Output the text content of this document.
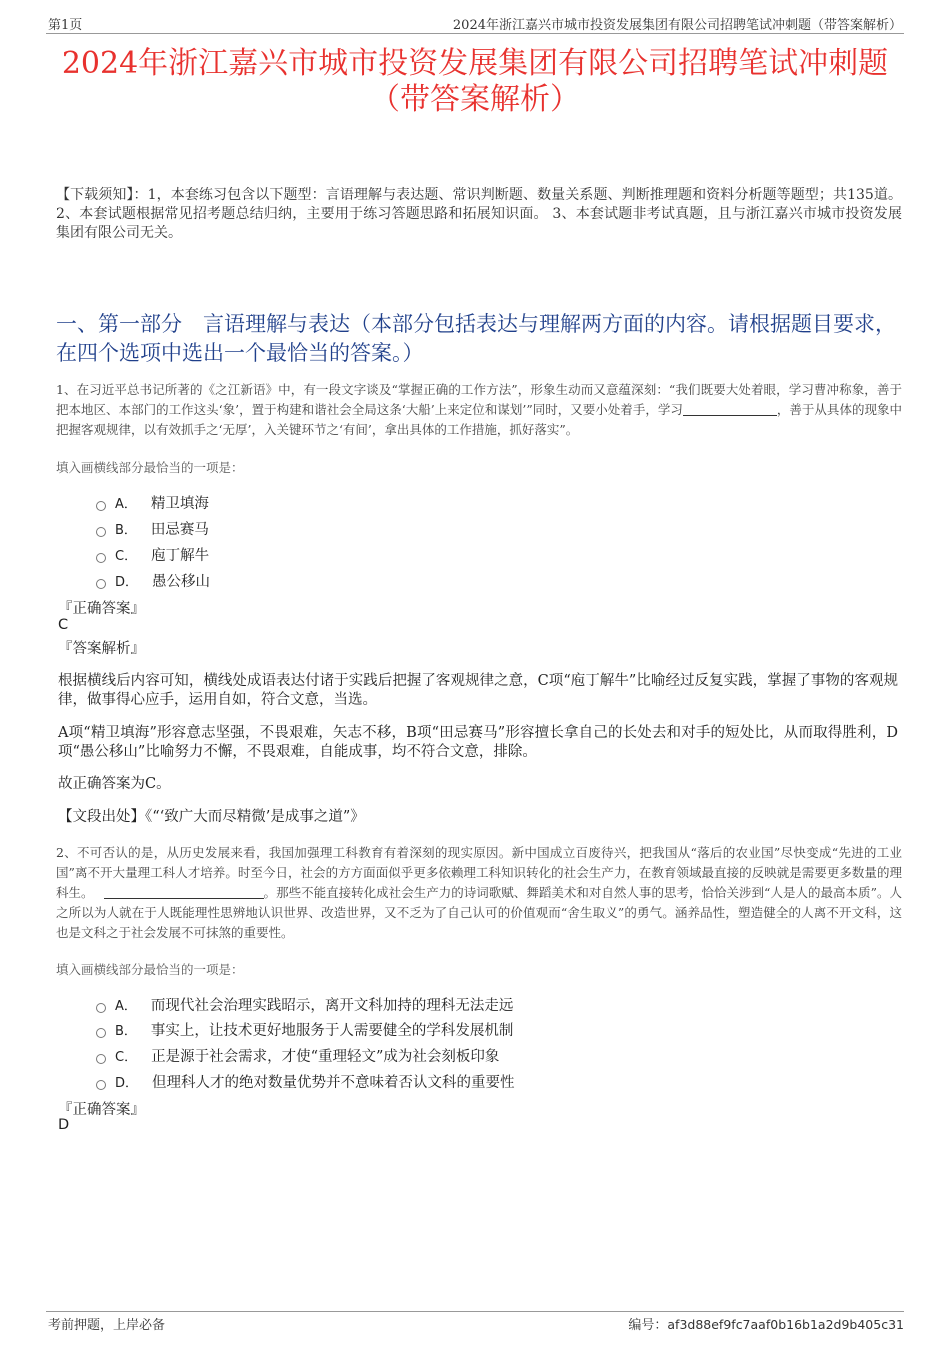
第1页	2024年浙江嘉兴市城市投资发展集团有限公司招聘笔试冲刺题（带答案解析）
2024年浙江嘉兴市城市投资发展集团有限公司招聘笔试冲刺题
（带答案解析）
【下载须知】：1，本套练习包含以下题型：言语理解与表达题、常识判断题、数量关系题、判断推理题和资料分析题等题型；共135道。 2、本套试题根据常见招考题总结归纳，主要用于练习答题思路和拓展知识面。 3、本套试题非考试真题，且与浙江嘉兴市城市投资发展集团有限公司无关。
一、第一部分　言语理解与表达（本部分包括表达与理解两方面的内容。请根据题目要求，在四个选项中选出一个最恰当的答案。）
1、在习近平总书记所著的《之江新语》中，有一段文字谈及“掌握正确的工作方法”，形象生动而又意蕴深刻：“我们既要大处着眼，学习曹冲称象，善于把本地区、本部门的工作这头‘象’，置于构建和谐社会全局这条‘大船’上来定位和谋划’”同时，又要小处着手，学习	，善于从具体的现象中把握客观规律，以有效抓手之‘无厚’，入关键环节之‘有间’，拿出具体的工作措施，抓好落实”。
填入画横线部分最恰当的一项是：
A． 精卫填海
B． 田忌赛马
C． 庖丁解牛
D． 愚公移山
『正确答案』
C
『答案解析』
根据横线后内容可知，横线处成语表达付诸于实践后把握了客观规律之意，C项“庖丁解牛”比喻经过反复实践，掌握了事物的客观规律，做事得心应手，运用自如，符合文意，当选。
A项“精卫填海”形容意志坚强，不畏艰难，矢志不移，B项“田忌赛马”形容擅长拿自己的长处去和对手的短处比，从而取得胜利，D项“愚公移山”比喻努力不懈，不畏艰难，自能成事，均不符合文意，排除。
故正确答案为C。
【文段出处】《“‘致广大而尽精微’是成事之道”》
2、不可否认的是，从历史发展来看，我国加强理工科教育有着深刻的现实原因。新中国成立百废待兴，把我国从“落后的农业国”尽快变成“先进的工业国”离不开大量理工科人才培养。时至今日，社会的方方面面似乎更多依赖理工科知识转化的社会生产力，在教育领域最直接的反映就是需要更多数量的理科生。	。那些不能直接转化成社会生产力的诗词歌赋、舞蹈美术和对自然人事的思考，恰恰关涉到“人是人的最高本质”。人之所以为人就在于人既能理性思辨地认识世界、改造世界，又不乏为了自己认可的价值观而“舍生取义”的勇气。涵养品性，塑造健全的人离不开文科，这也是文科之于社会发展不可抹煞的重要性。
填入画横线部分最恰当的一项是：
A． 而现代社会治理实践昭示，离开文科加持的理科无法走远
B． 事实上，让技术更好地服务于人需要健全的学科发展机制
C． 正是源于社会需求，才使“重理轻文”成为社会刻板印象
D． 但理科人才的绝对数量优势并不意味着否认文科的重要性
『正确答案』
D
考前押题，上岸必备	编号：af3d88ef9fc7aaf0b16b1a2d9b405c31
